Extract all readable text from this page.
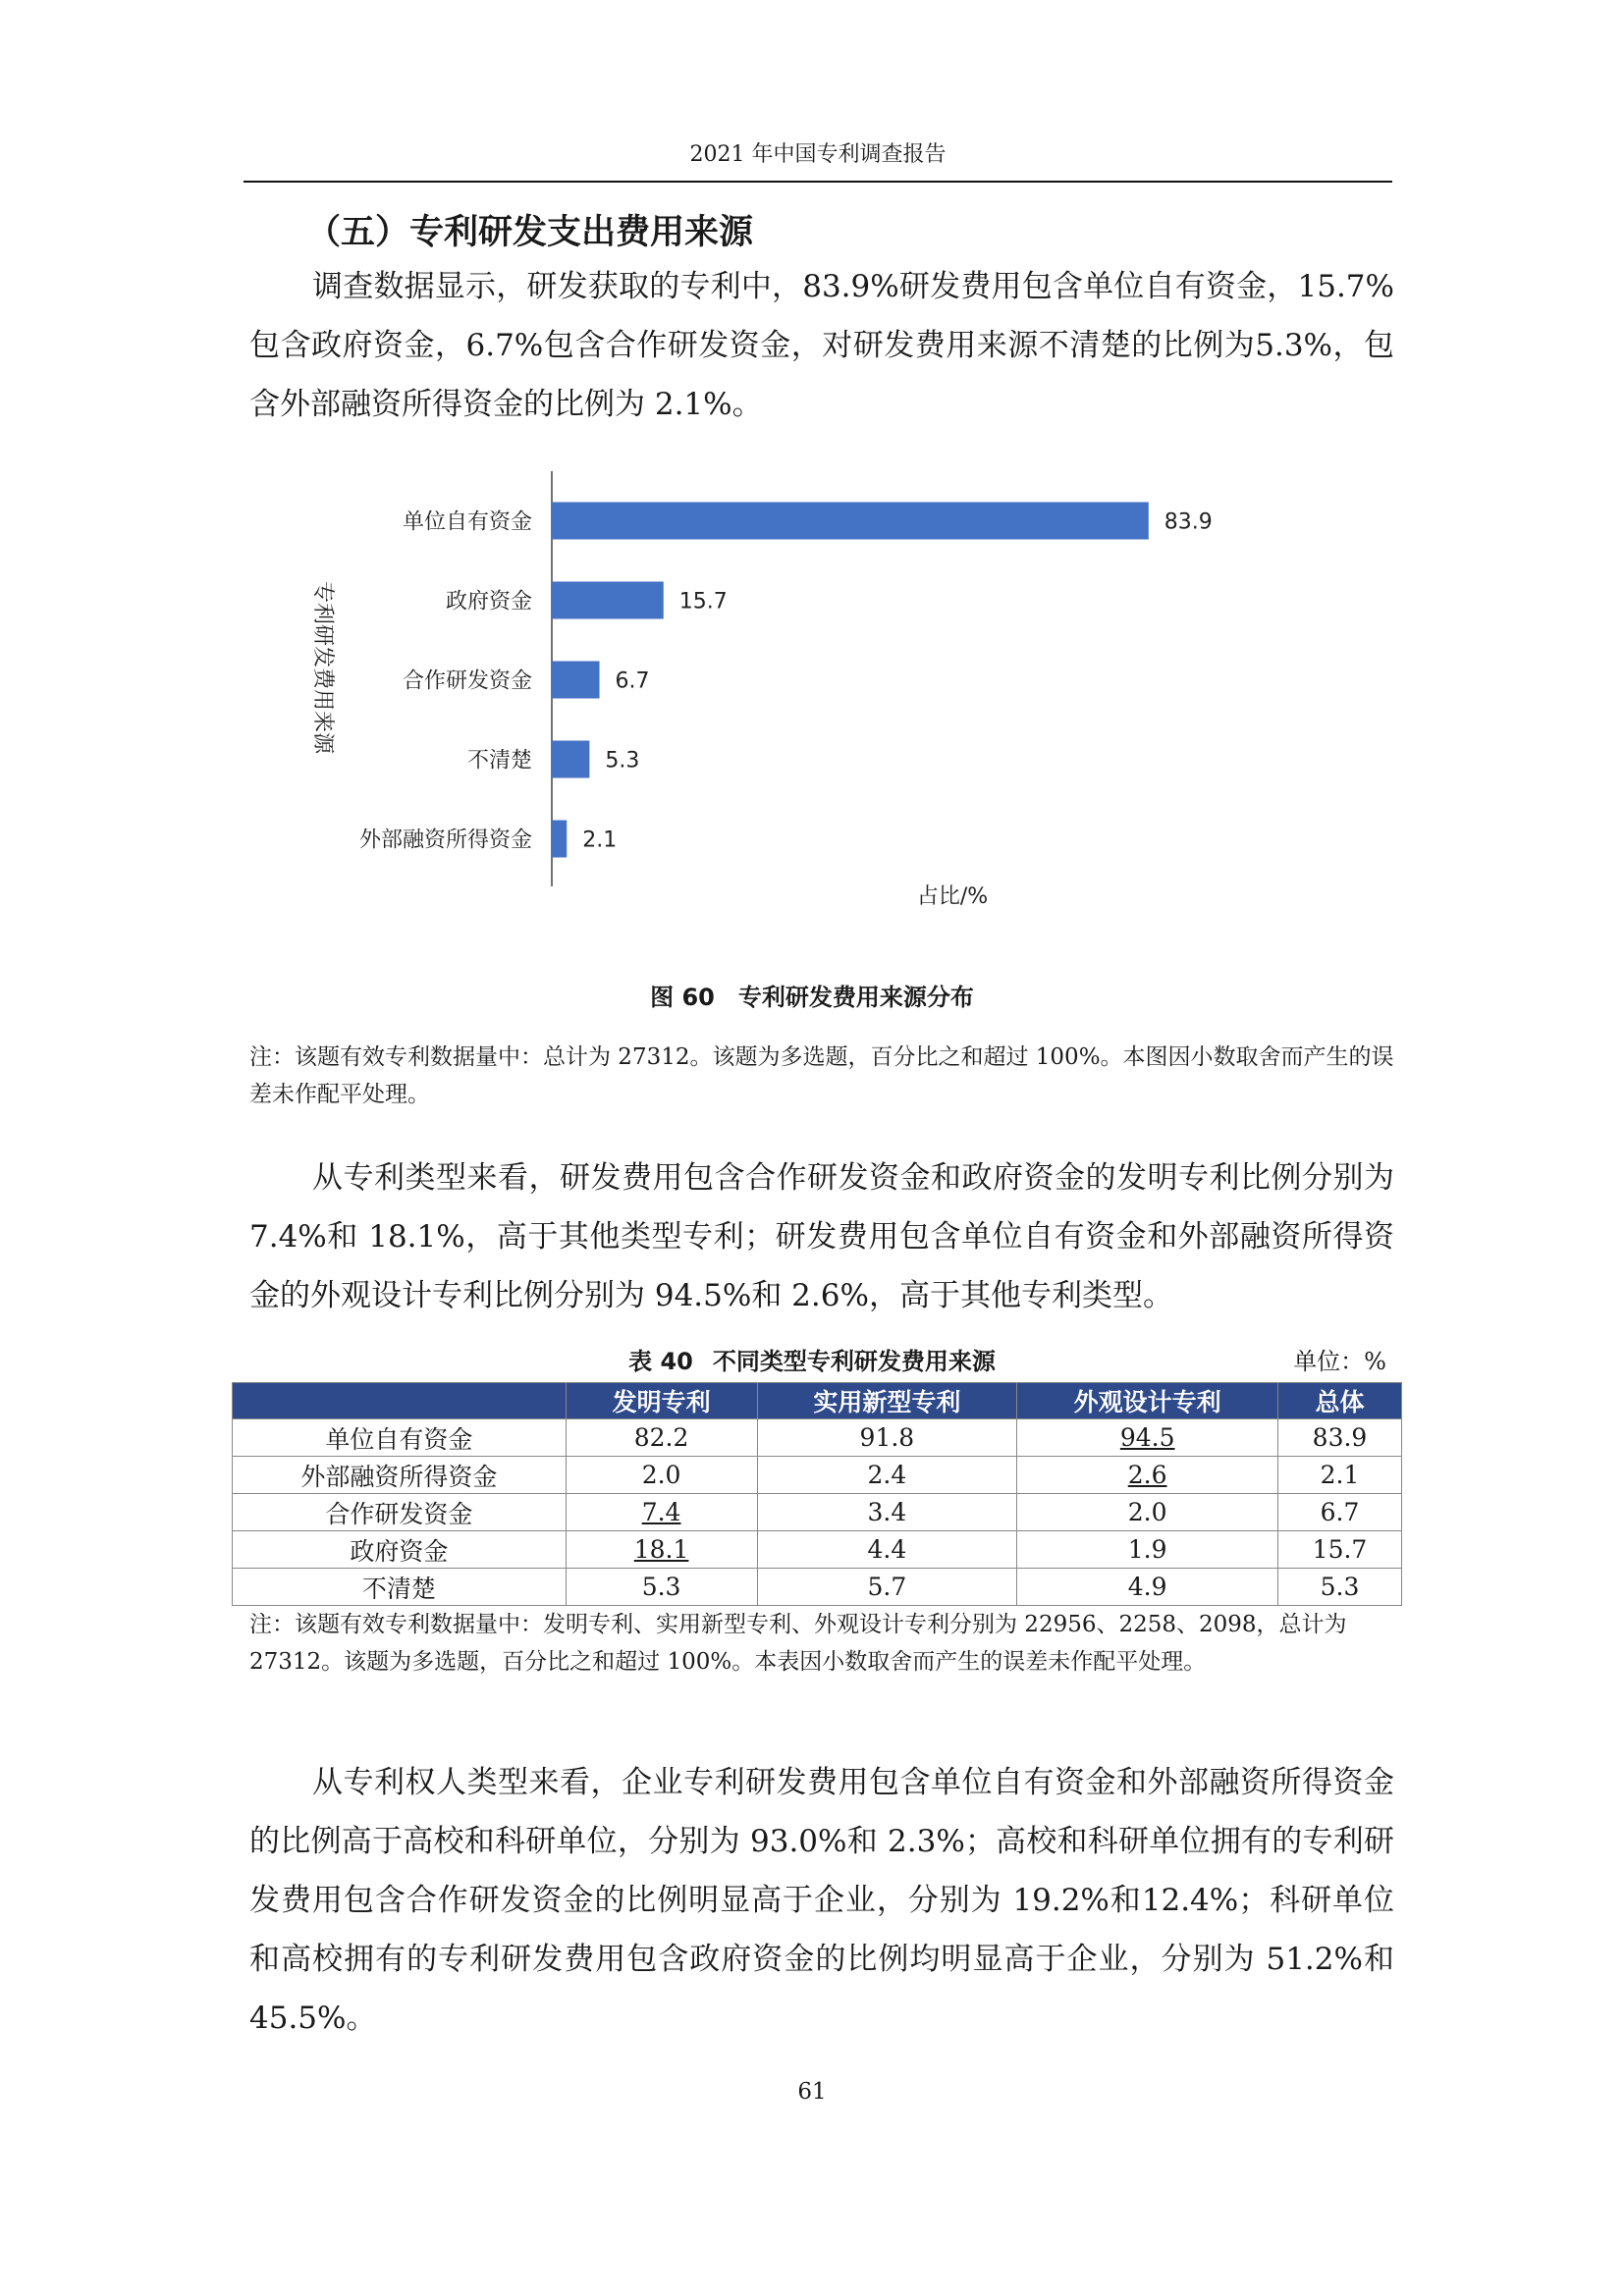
2021 年中国专利调查报告
（五）专利研发支出费用来源

调查数据显示，研发获取的专利中，83.9%研发费用包含单位自有资金，15.7%包含政府资金，6.7%包含合作研发资金，对研发费用来源不清楚的比例为5.3%，包含外部融资所得资金的比例为 2.1%。

单位自有资金	83.9
政府资金	15.7
合作研发资金	6.7
不清楚	5.3
外部融资所得资金 2.1
专利研发费用来源
占比/%
图 60 专利研发费用来源分布

注：该题有效专利数据量中：总计为 27312。该题为多选题，百分比之和超过 100%。本图因小数取舍而产生的误差未作配平处理。

从专利类型来看，研发费用包含合作研发资金和政府资金的发明专利比例分别为 7.4%和 18.1%，高于其他类型专利；研发费用包含单位自有资金和外部融资所得资金的外观设计专利比例分别为 94.5%和 2.6%，高于其他专利类型。

表 40 不同类型专利研发费用来源	单位：%
	发明专利	实用新型专利	外观设计专利	总体
单位自有资金	82.2	91.8	94.5	83.9
外部融资所得资金	2.0	2.4	2.6	2.1
合作研发资金	7.4	3.4	2.0	6.7
政府资金	18.1	4.4	1.9	15.7
不清楚	5.3	5.7	4.9	5.3

注：该题有效专利数据量中：发明专利、实用新型专利、外观设计专利分别为 22956、2258、2098，总计为 27312。该题为多选题，百分比之和超过 100%。本表因小数取舍而产生的误差未作配平处理。

从专利权人类型来看，企业专利研发费用包含单位自有资金和外部融资所得资金的比例高于高校和科研单位，分别为 93.0%和 2.3%；高校和科研单位拥有的专利研发费用包含合作研发资金的比例明显高于企业，分别为 19.2%和12.4%；科研单位和高校拥有的专利研发费用包含政府资金的比例均明显高于企业，分别为 51.2%和 45.5%。

61
